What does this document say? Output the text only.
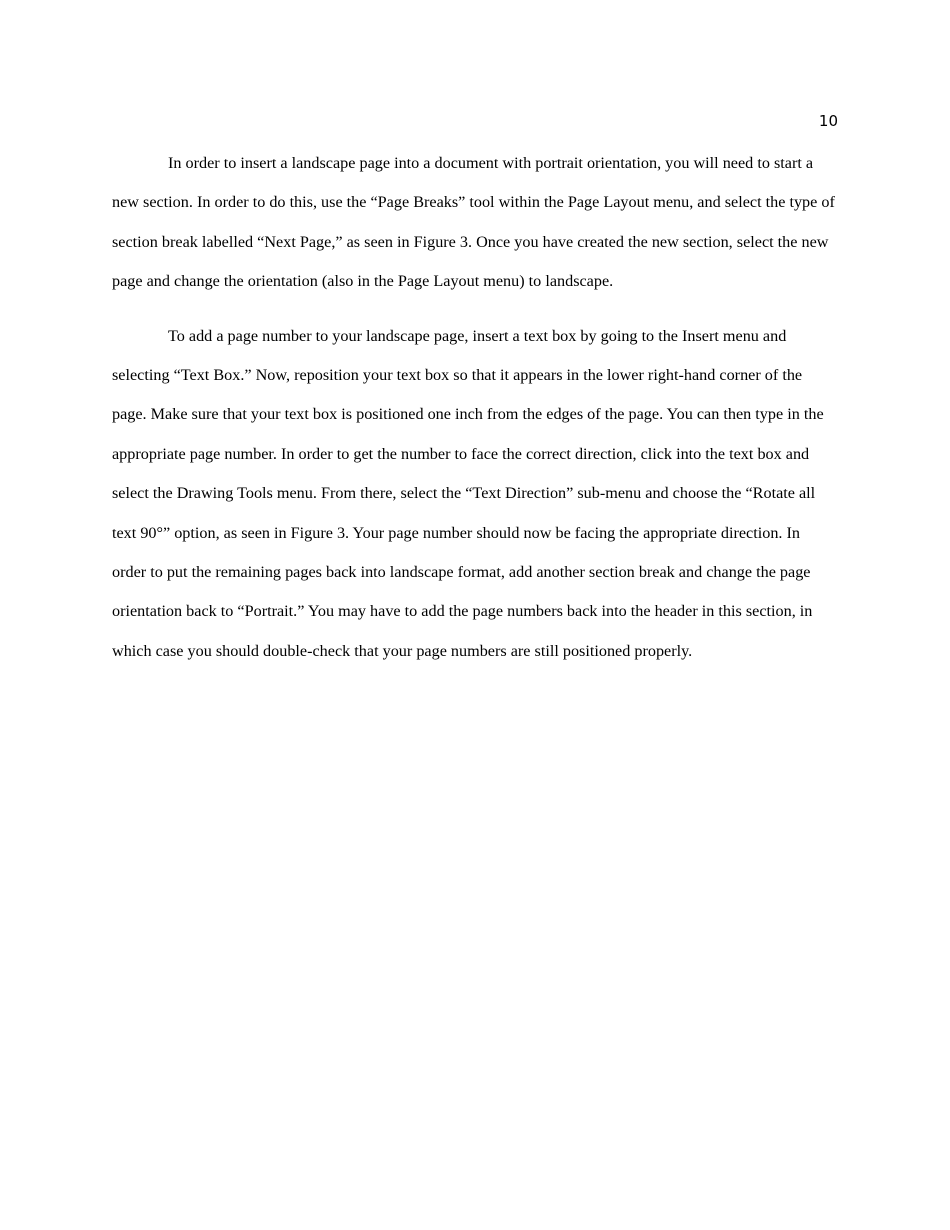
10

In order to insert a landscape page into a document with portrait orientation, you will need to start a new section. In order to do this, use the “Page Breaks” tool within the Page Layout menu, and select the type of section break labelled “Next Page,” as seen in Figure 3. Once you have created the new section, select the new page and change the orientation (also in the Page Layout menu) to landscape.

To add a page number to your landscape page, insert a text box by going to the Insert menu and selecting “Text Box.” Now, reposition your text box so that it appears in the lower right-hand corner of the page. Make sure that your text box is positioned one inch from the edges of the page. You can then type in the appropriate page number. In order to get the number to face the correct direction, click into the text box and select the Drawing Tools menu. From there, select the “Text Direction” sub-menu and choose the “Rotate all text 90°” option, as seen in Figure 3. Your page number should now be facing the appropriate direction. In order to put the remaining pages back into landscape format, add another section break and change the page orientation back to “Portrait.” You may have to add the page numbers back into the header in this section, in which case you should double-check that your page numbers are still positioned properly.
